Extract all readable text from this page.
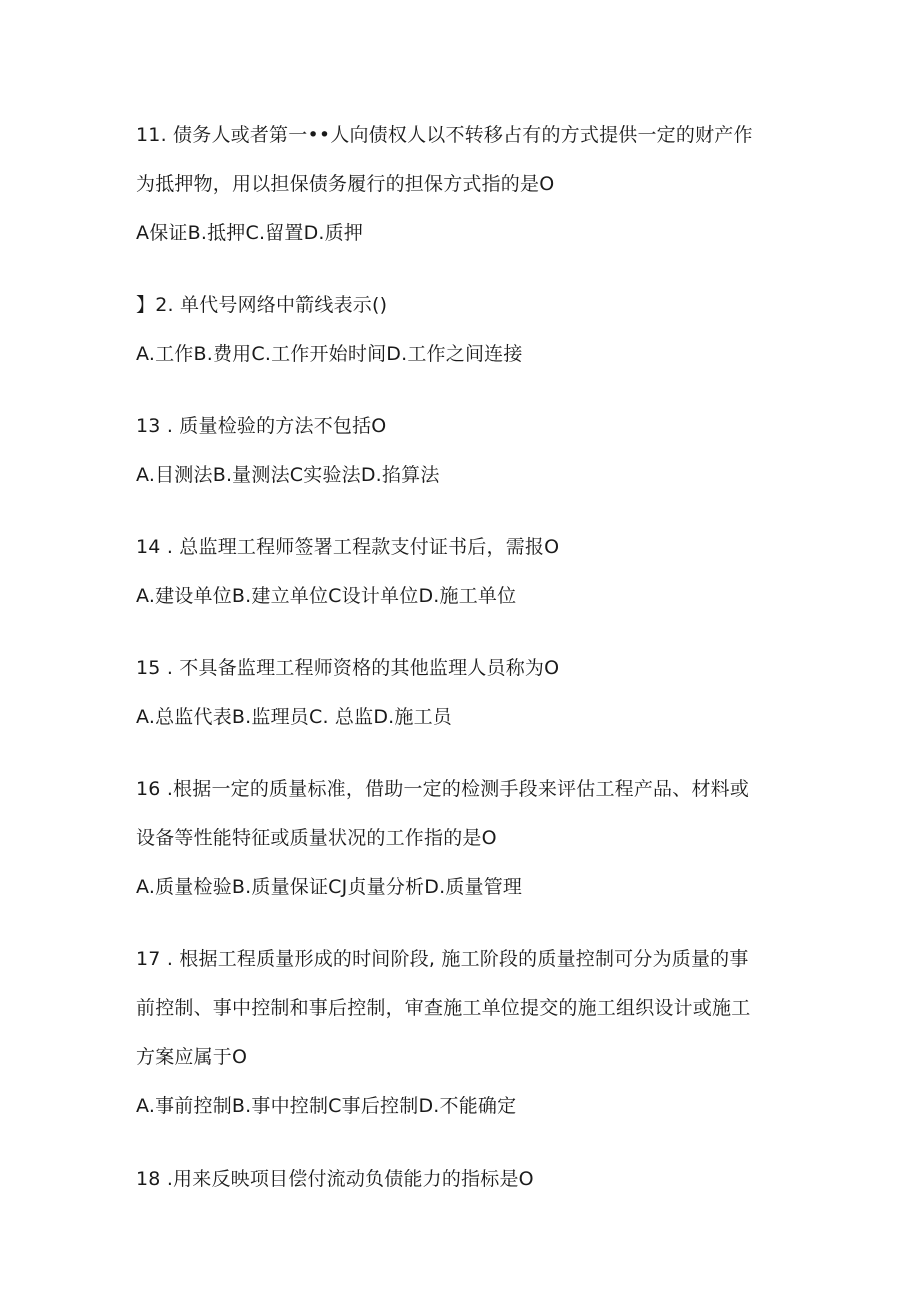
11. 债务人或者第一••人向债权人以不转移占有的方式提供一定的财产作
为抵押物，用以担保债务履行的担保方式指的是O
A保证B.抵押C.留置D.质押
】2. 单代号网络中箭线表示()
A.工作B.费用C.工作开始时间D.工作之间连接
13 . 质量检验的方法不包括O
A.目测法B.量测法C实验法D.掐算法
14 . 总监理工程师签署工程款支付证书后，需报O
A.建设单位B.建立单位C设计单位D.施工单位
15 . 不具备监理工程师资格的其他监理人员称为O
A.总监代表B.监理员C. 总监D.施工员
16 .根据一定的质量标准，借助一定的检测手段来评估工程产品、材料或
设备等性能特征或质量状况的工作指的是O
A.质量检验B.质量保证CJ贞量分析D.质量管理
17 . 根据工程质量形成的时间阶段, 施工阶段的质量控制可分为质量的事
前控制、事中控制和事后控制，审查施工单位提交的施工组织设计或施工
方案应属于O
A.事前控制B.事中控制C事后控制D.不能确定
18 .用来反映项目偿付流动负债能力的指标是O
